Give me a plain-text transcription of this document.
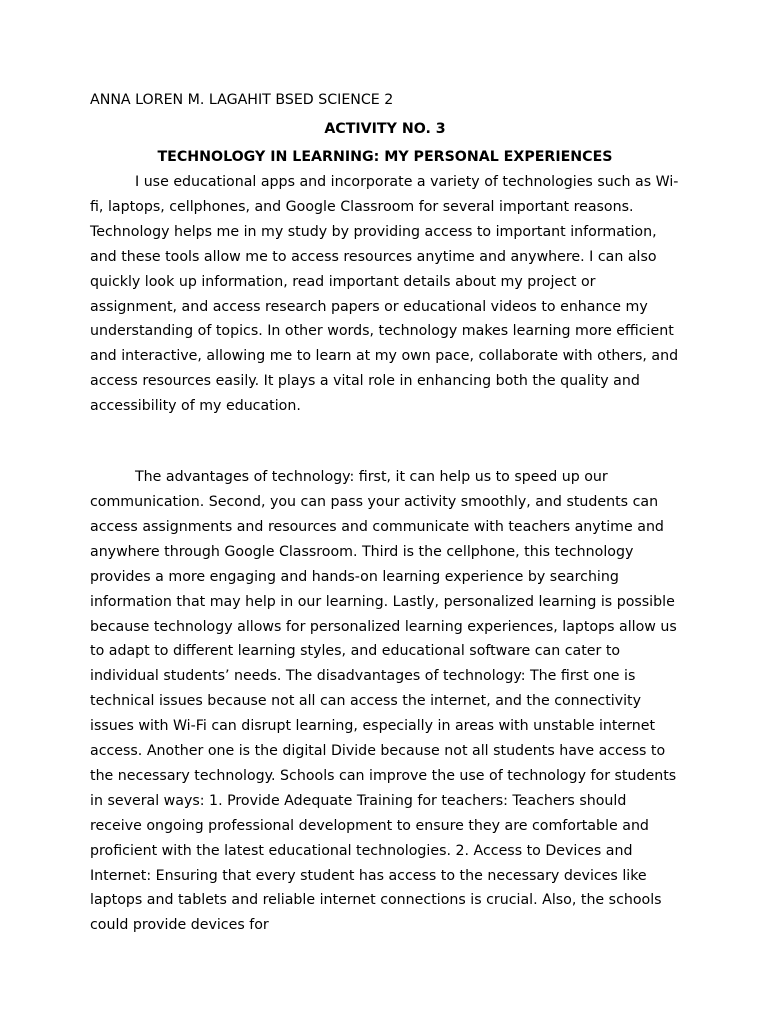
ANNA LOREN M. LAGAHIT BSED SCIENCE 2

ACTIVITY NO. 3

TECHNOLOGY IN LEARNING: MY PERSONAL EXPERIENCES

I use educational apps and incorporate a variety of technologies such as Wi-fi, laptops, cellphones, and Google Classroom for several important reasons. Technology helps me in my study by providing access to important information, and these tools allow me to access resources anytime and anywhere. I can also quickly look up information, read important details about my project or assignment, and access research papers or educational videos to enhance my understanding of topics. In other words, technology makes learning more efficient and interactive, allowing me to learn at my own pace, collaborate with others, and access resources easily. It plays a vital role in enhancing both the quality and accessibility of my education.

The advantages of technology: first, it can help us to speed up our communication. Second, you can pass your activity smoothly, and students can access assignments and resources and communicate with teachers anytime and anywhere through Google Classroom. Third is the cellphone, this technology provides a more engaging and hands-on learning experience by searching information that may help in our learning. Lastly, personalized learning is possible because technology allows for personalized learning experiences, laptops allow us to adapt to different learning styles, and educational software can cater to individual students’ needs. The disadvantages of technology: The first one is technical issues because not all can access the internet, and the connectivity issues with Wi-Fi can disrupt learning, especially in areas with unstable internet access. Another one is the digital Divide because not all students have access to the necessary technology. Schools can improve the use of technology for students in several ways: 1. Provide Adequate Training for teachers: Teachers should receive ongoing professional development to ensure they are comfortable and proficient with the latest educational technologies. 2. Access to Devices and Internet: Ensuring that every student has access to the necessary devices like laptops and tablets and reliable internet connections is crucial. Also, the schools could provide devices for
